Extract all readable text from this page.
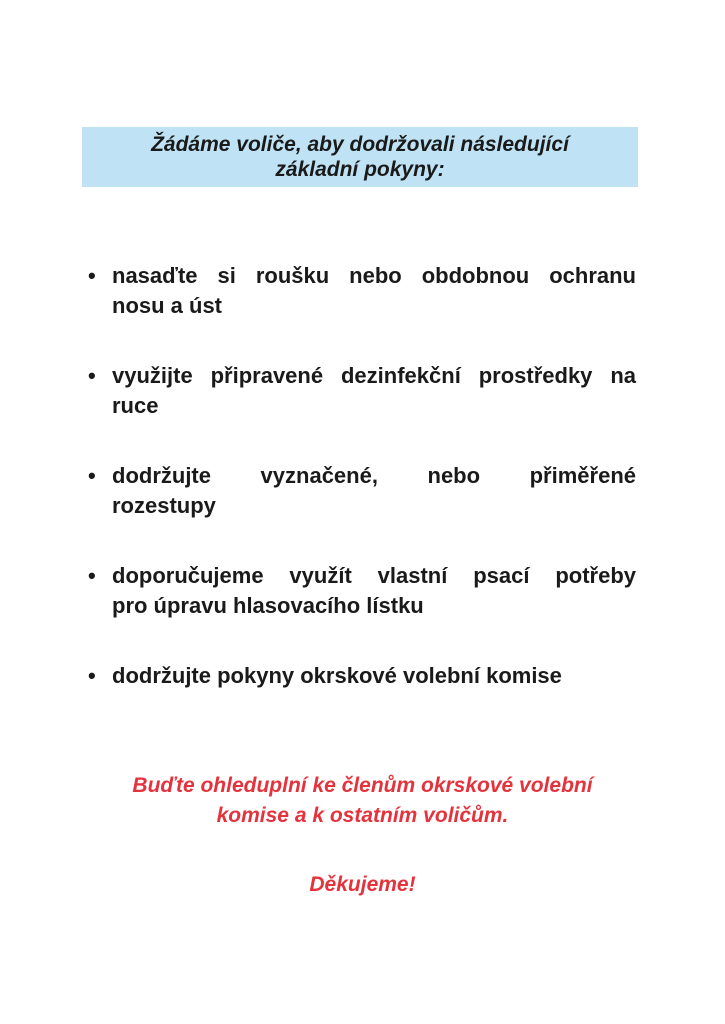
Žádáme voliče, aby dodržovali následující
základní pokyny:
• nasaďte si roušku nebo obdobnou ochranu
nosu a úst
• využijte připravené dezinfekční prostředky na
ruce
• dodržujte vyznačené, nebo přiměřené
rozestupy
• doporučujeme využít vlastní psací potřeby
pro úpravu hlasovacího lístku
• dodržujte pokyny okrskové volební komise
Buďte ohleduplní ke členům okrskové volební
komise a k ostatním voličům.
Děkujeme!
